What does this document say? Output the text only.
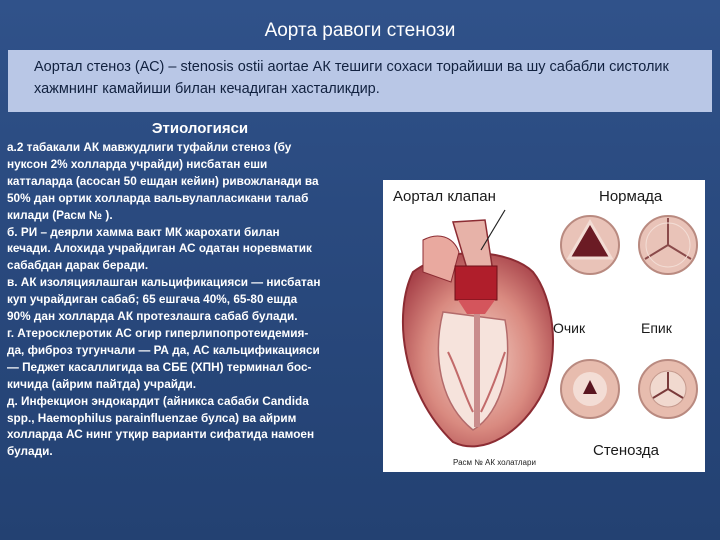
Аорта равоги стенози

Аортал стеноз (АС) – stenosis ostii aortae АК тешиги сохаси торайиши ва шу сабабли систолик хажмнинг камайиши билан кечадиган хасталикдир.

Этиологияси
а.2 табакали АК мавжудлиги туфайли стеноз (бу
нуксон 2% холларда учрайди) нисбатан еши
катталарда (асосан 50 ешдан кейин) ривожланади ва
50% дан ортик холларда вальвулапласикани талаб
килади (Расм № ).
б. РИ – деярли хамма вакт МК жарохати билан
кечади. Алохида учрайдиган АС одатан норевматик
сабабдан дарак беради.
в. АК изоляциялашган кальцификацияси — нисбатан
куп учрайдиган сабаб; 65 ешгача 40%, 65-80 ешда
90% дан холларда АК протезлашга сабаб булади.
г. Атеросклеротик АС огир гиперлипопротеидемия-
да, фиброз тугунчали — РА да, АС кальцификацияси
— Педжет касаллигида ва СБЕ (ХПН) терминал бос-
кичида (айрим пайтда) учрайди.
д. Инфекцион эндокардит (айникса сабаби Candida
spp., Haemophilus parainfluenzae булса) ва айрим
холларда АС нинг утқир варианти сифатида намоен
булади.
Аортал клапан	Нормада
Очик	Епик
Расм № АК холатлари
Стенозда
